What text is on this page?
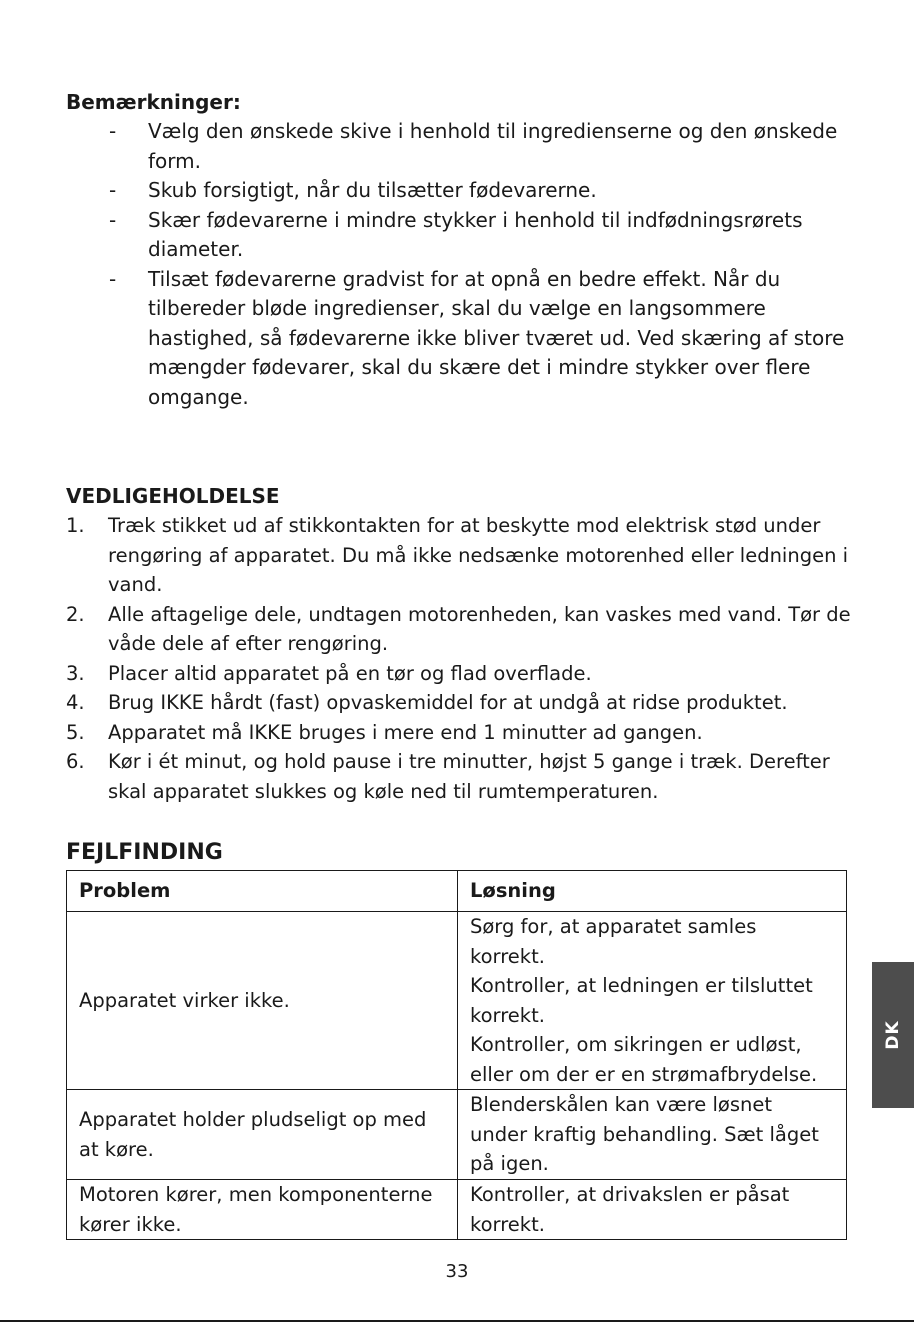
Bemærkninger:
-	Vælg den ønskede skive i henhold til ingredienserne og den ønskede form.
-	Skub forsigtigt, når du tilsætter fødevarerne.
-	Skær fødevarerne i mindre stykker i henhold til indfødningsrørets diameter.
-	Tilsæt fødevarerne gradvist for at opnå en bedre effekt. Når du tilbereder bløde ingredienser, skal du vælge en langsommere hastighed, så fødevarerne ikke bliver tværet ud. Ved skæring af store mængder fødevarer, skal du skære det i mindre stykker over flere omgange.
VEDLIGEHOLDELSE
1. Træk stikket ud af stikkontakten for at beskytte mod elektrisk stød under rengøring af apparatet. Du må ikke nedsænke motorenhed eller ledningen i vand.
2. Alle aftagelige dele, undtagen motorenheden, kan vaskes med vand. Tør de våde dele af efter rengøring.
3. Placer altid apparatet på en tør og flad overflade.
4. Brug IKKE hårdt (fast) opvaskemiddel for at undgå at ridse produktet.
5. Apparatet må IKKE bruges i mere end 1 minutter ad gangen.
6. Kør i ét minut, og hold pause i tre minutter, højst 5 gange i træk. Derefter skal apparatet slukkes og køle ned til rumtemperaturen.
FEJLFINDING
Problem	Løsning
Apparatet virker ikke.	Sørg for, at apparatet samles korrekt.
Kontroller, at ledningen er tilsluttet korrekt.
Kontroller, om sikringen er udløst, eller om der er en strømafbrydelse.

Apparatet holder pludseligt op med at køre.	Blenderskålen kan være løsnet under kraftig behandling. Sæt låget på igen.

Motoren kører, men komponenterne kører ikke.	Kontroller, at drivakslen er påsat korrekt.
DK
33
